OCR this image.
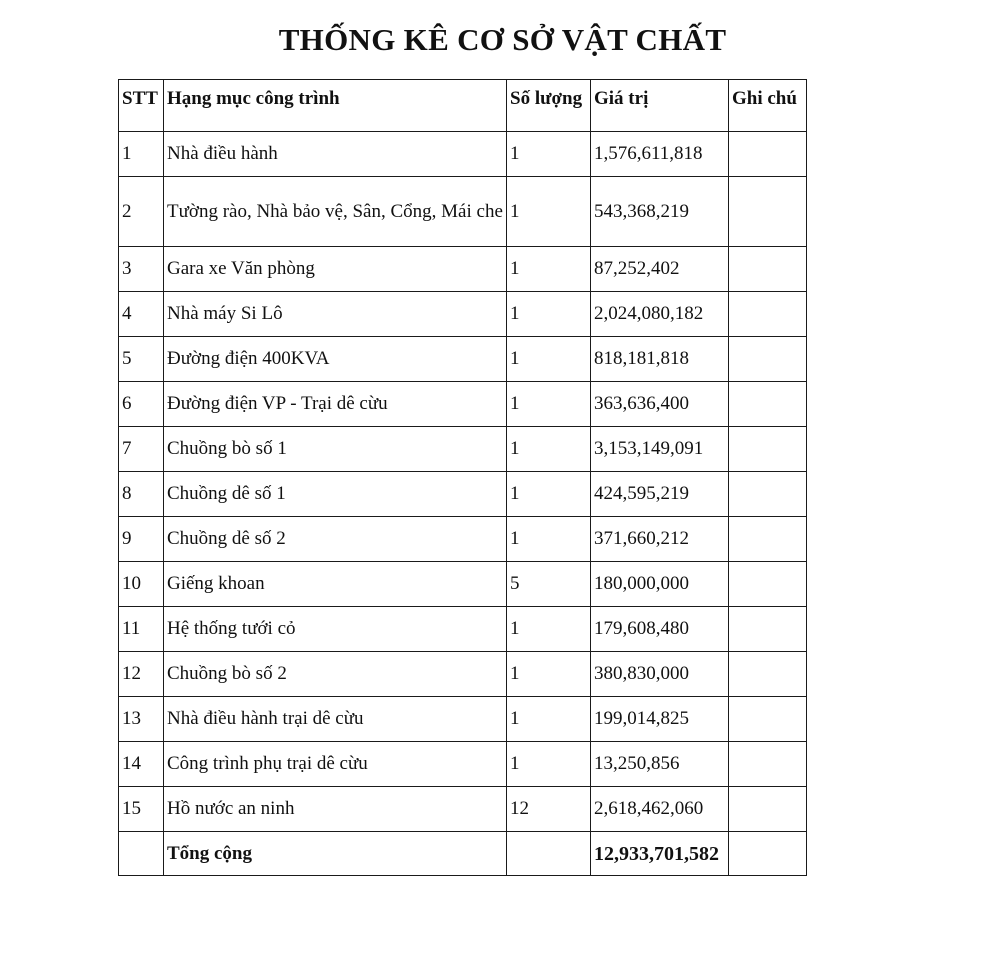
THỐNG KÊ CƠ SỞ VẬT CHẤT
STT	Hạng mục công trình	Số lượng	Giá trị	Ghi chú
1	Nhà điều hành	1	1,576,611,818	
2	Tường rào, Nhà bảo vệ, Sân, Cổng, Mái che	1	543,368,219	
3	Gara xe Văn phòng	1	87,252,402	
4	Nhà máy Si Lô	1	2,024,080,182	
5	Đường điện 400KVA	1	818,181,818	
6	Đường điện VP - Trại dê cừu	1	363,636,400	
7	Chuồng bò số 1	1	3,153,149,091	
8	Chuồng dê số 1	1	424,595,219	
9	Chuồng dê số 2	1	371,660,212	
10	Giếng khoan	5	180,000,000	
11	Hệ thống tưới cỏ	1	179,608,480	
12	Chuồng bò số 2	1	380,830,000	
13	Nhà điều hành trại dê cừu	1	199,014,825	
14	Công trình phụ trại dê cừu	1	13,250,856	
15	Hồ nước an ninh	12	2,618,462,060	
	Tổng cộng		12,933,701,582	
